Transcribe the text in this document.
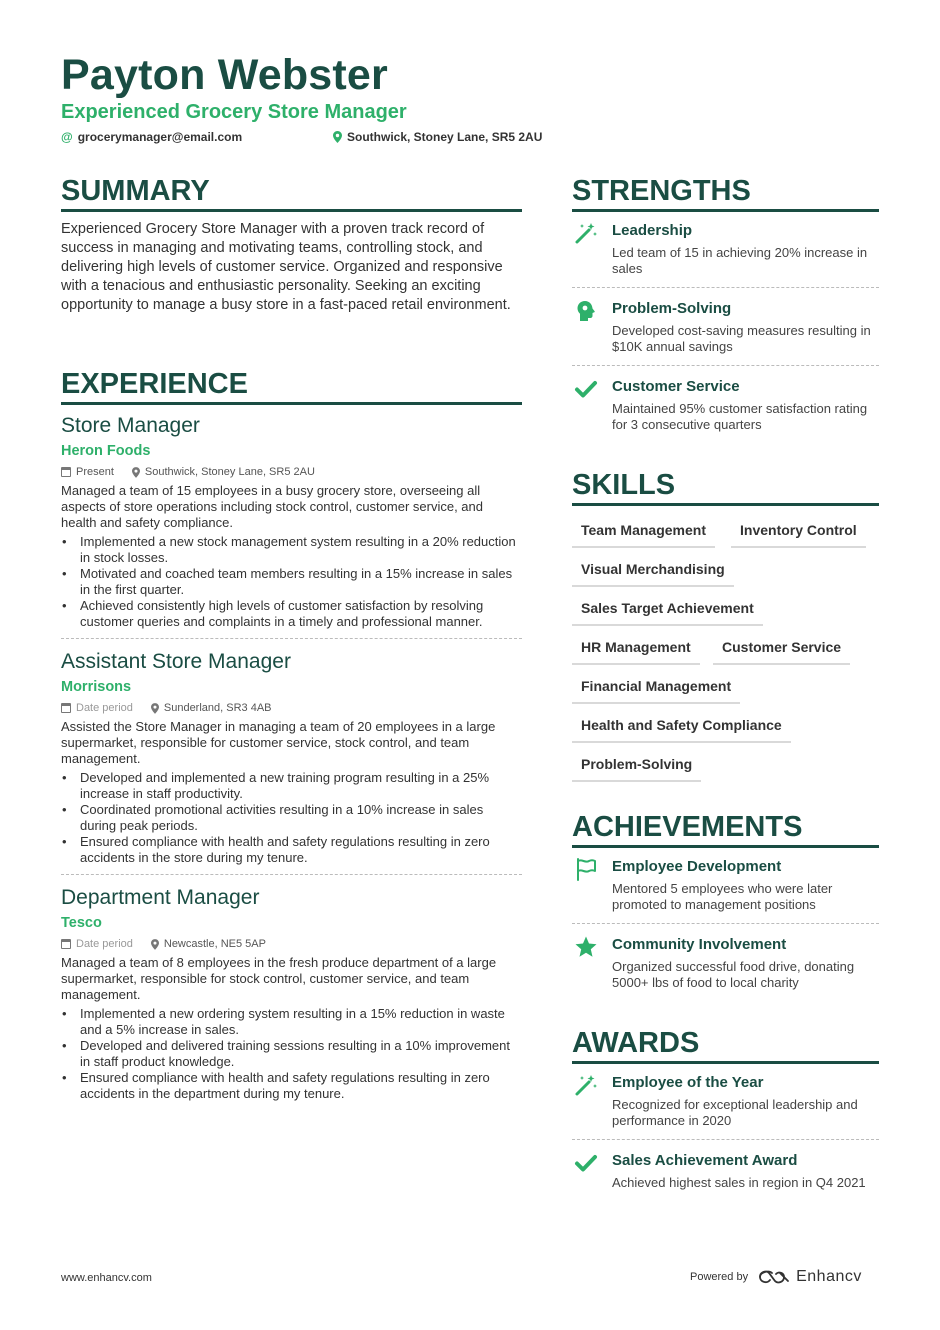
Payton Webster
Experienced Grocery Store Manager
@ grocerymanager@email.com	Southwick, Stoney Lane, SR5 2AU
SUMMARY
Experienced Grocery Store Manager with a proven track record of success in managing and motivating teams, controlling stock, and delivering high levels of customer service. Organized and responsive with a tenacious and enthusiastic personality. Seeking an exciting opportunity to manage a busy store in a fast-paced retail environment.
EXPERIENCE
Store Manager
Heron Foods
Present	Southwick, Stoney Lane, SR5 2AU
Managed a team of 15 employees in a busy grocery store, overseeing all aspects of store operations including stock control, customer service, and health and safety compliance.
• Implemented a new stock management system resulting in a 20% reduction in stock losses.
• Motivated and coached team members resulting in a 15% increase in sales in the first quarter.
• Achieved consistently high levels of customer satisfaction by resolving customer queries and complaints in a timely and professional manner.
Assistant Store Manager
Morrisons
Date period	Sunderland, SR3 4AB
Assisted the Store Manager in managing a team of 20 employees in a large supermarket, responsible for customer service, stock control, and team management.
• Developed and implemented a new training program resulting in a 25% increase in staff productivity.
• Coordinated promotional activities resulting in a 10% increase in sales during peak periods.
• Ensured compliance with health and safety regulations resulting in zero accidents in the store during my tenure.
Department Manager
Tesco
Date period	Newcastle, NE5 5AP
Managed a team of 8 employees in the fresh produce department of a large supermarket, responsible for stock control, customer service, and team management.
• Implemented a new ordering system resulting in a 15% reduction in waste and a 5% increase in sales.
• Developed and delivered training sessions resulting in a 10% improvement in staff product knowledge.
• Ensured compliance with health and safety regulations resulting in zero accidents in the department during my tenure.
STRENGTHS
Leadership
Led team of 15 in achieving 20% increase in sales
Problem-Solving
Developed cost-saving measures resulting in $10K annual savings
Customer Service
Maintained 95% customer satisfaction rating for 3 consecutive quarters
SKILLS
Team Management	Inventory Control
Visual Merchandising
Sales Target Achievement
HR Management	Customer Service
Financial Management
Health and Safety Compliance
Problem-Solving
ACHIEVEMENTS
Employee Development
Mentored 5 employees who were later promoted to management positions
Community Involvement
Organized successful food drive, donating 5000+ lbs of food to local charity
AWARDS
Employee of the Year
Recognized for exceptional leadership and performance in 2020
Sales Achievement Award
Achieved highest sales in region in Q4 2021
www.enhancv.com	Powered by	Enhancv
